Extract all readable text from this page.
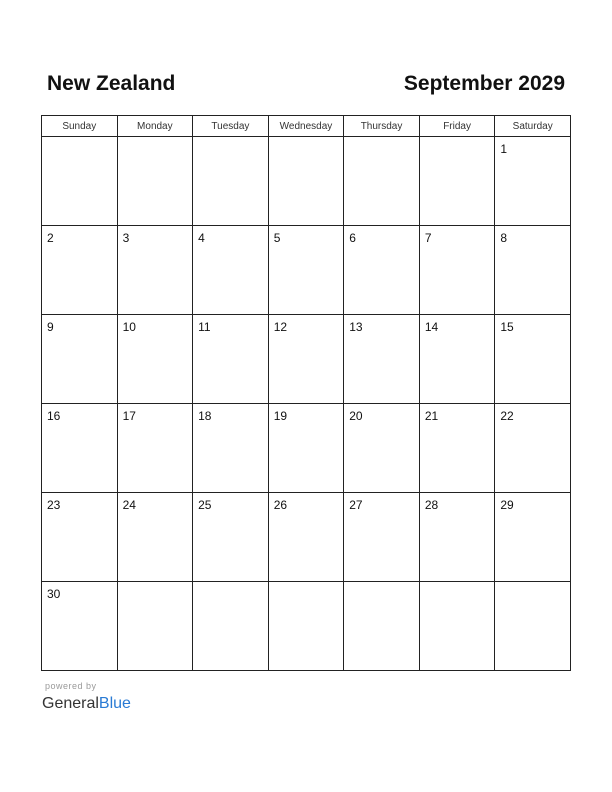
New Zealand	September 2029
Sunday	Monday	Tuesday	Wednesday	Thursday	Friday	Saturday

						1

2	3	4	5	6	7	8

9	10	11	12	13	14	15

16	17	18	19	20	21	22

23	24	25	26	27	28	29

30						

powered by
GeneralBlue
